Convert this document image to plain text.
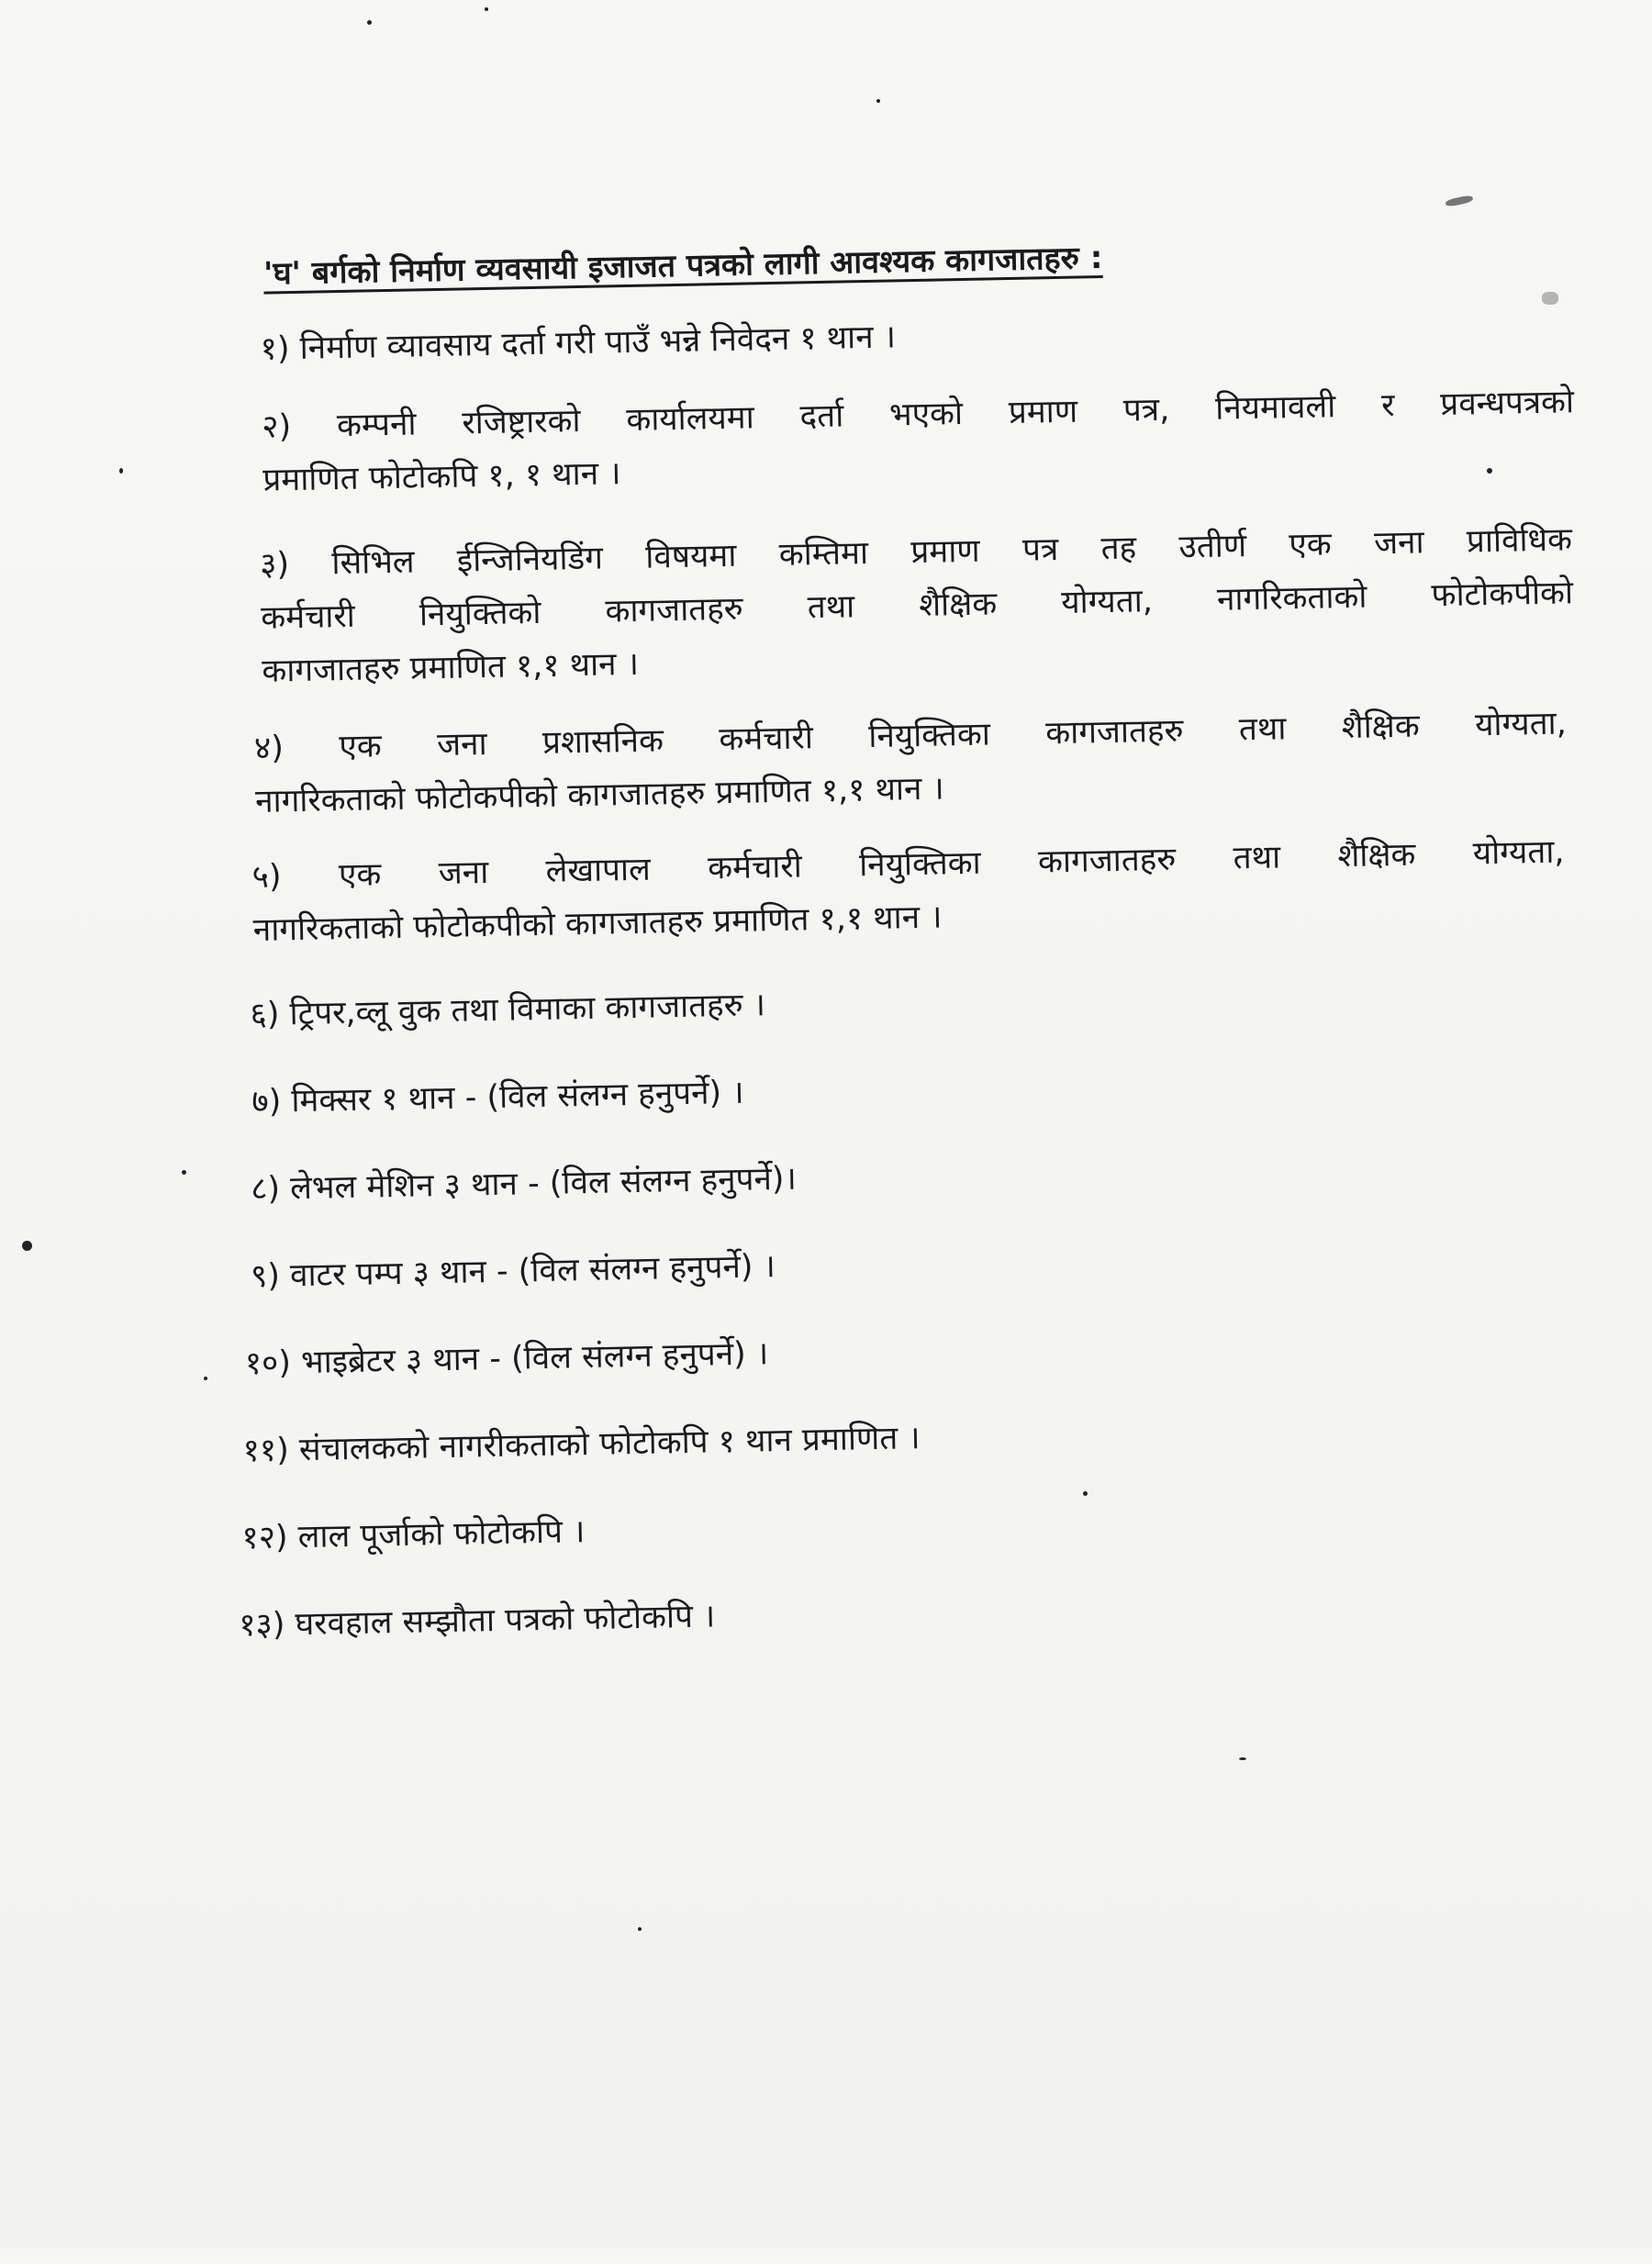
'घ' बर्गको निर्माण व्यवसायी इजाजत पत्रको लागी आवश्यक कागजातहरु :
१) निर्माण व्यावसाय दर्ता गरी पाउँ भन्ने निवेदन १ थान ।
२) कम्पनी रजिष्ट्रारको कार्यालयमा दर्ता भएको प्रमाण पत्र, नियमावली र प्रवन्धपत्रको
प्रमाणित फोटोकपि १, १ थान ।
३) सिभिल ईन्जिनियडिंग विषयमा कम्तिमा प्रमाण पत्र तह उतीर्ण एक जना प्राविधिक
कर्मचारी नियुक्तिको कागजातहरु तथा शैक्षिक योग्यता, नागरिकताको फोटोकपीको
कागजातहरु प्रमाणित १,१ थान ।
४) एक जना प्रशासनिक कर्मचारी नियुक्तिका कागजातहरु तथा शैक्षिक योग्यता,
नागरिकताको फोटोकपीको कागजातहरु प्रमाणित १,१ थान ।
५) एक जना लेखापाल कर्मचारी नियुक्तिका कागजातहरु तथा शैक्षिक योग्यता,
नागरिकताको फोटोकपीको कागजातहरु प्रमाणित १,१ थान ।
६) ट्रिपर,व्लू वुक तथा विमाका कागजातहरु ।
७) मिक्सर १ थान - (विल संलग्न हनुपर्ने) ।
८) लेभल मेशिन ३ थान - (विल संलग्न हनुपर्ने)।
९) वाटर पम्प ३ थान - (विल संलग्न हनुपर्ने) ।
१०) भाइब्रेटर ३ थान - (विल संलग्न हनुपर्ने) ।
११) संचालकको नागरीकताको फोटोकपि १ थान प्रमाणित ।
१२) लाल पूर्जाको फोटोकपि ।
१३) घरवहाल सम्झौता पत्रको फोटोकपि ।
